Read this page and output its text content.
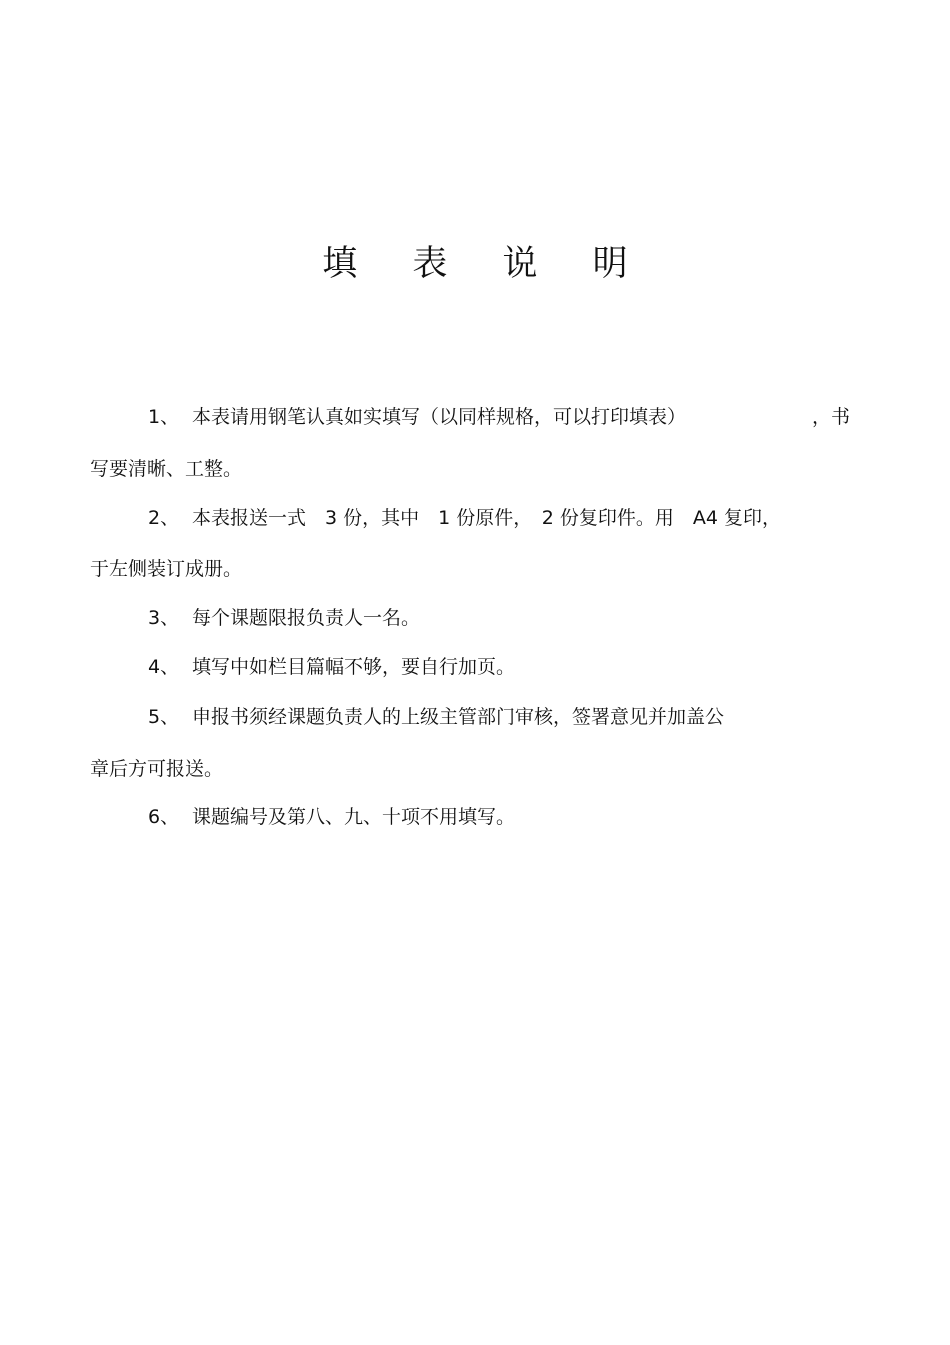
填 表 说 明

1、 本表请用钢笔认真如实填写（以同样规格，可以打印填表）	，书

写要清晰、工整。

2、 本表报送一式　3 份，其中　1 份原件，　2 份复印件。用　A4 复印，

于左侧装订成册。

3、 每个课题限报负责人一名。

4、 填写中如栏目篇幅不够，要自行加页。

5、 申报书须经课题负责人的上级主管部门审核，签署意见并加盖公

章后方可报送。

6、 课题编号及第八、九、十项不用填写。
